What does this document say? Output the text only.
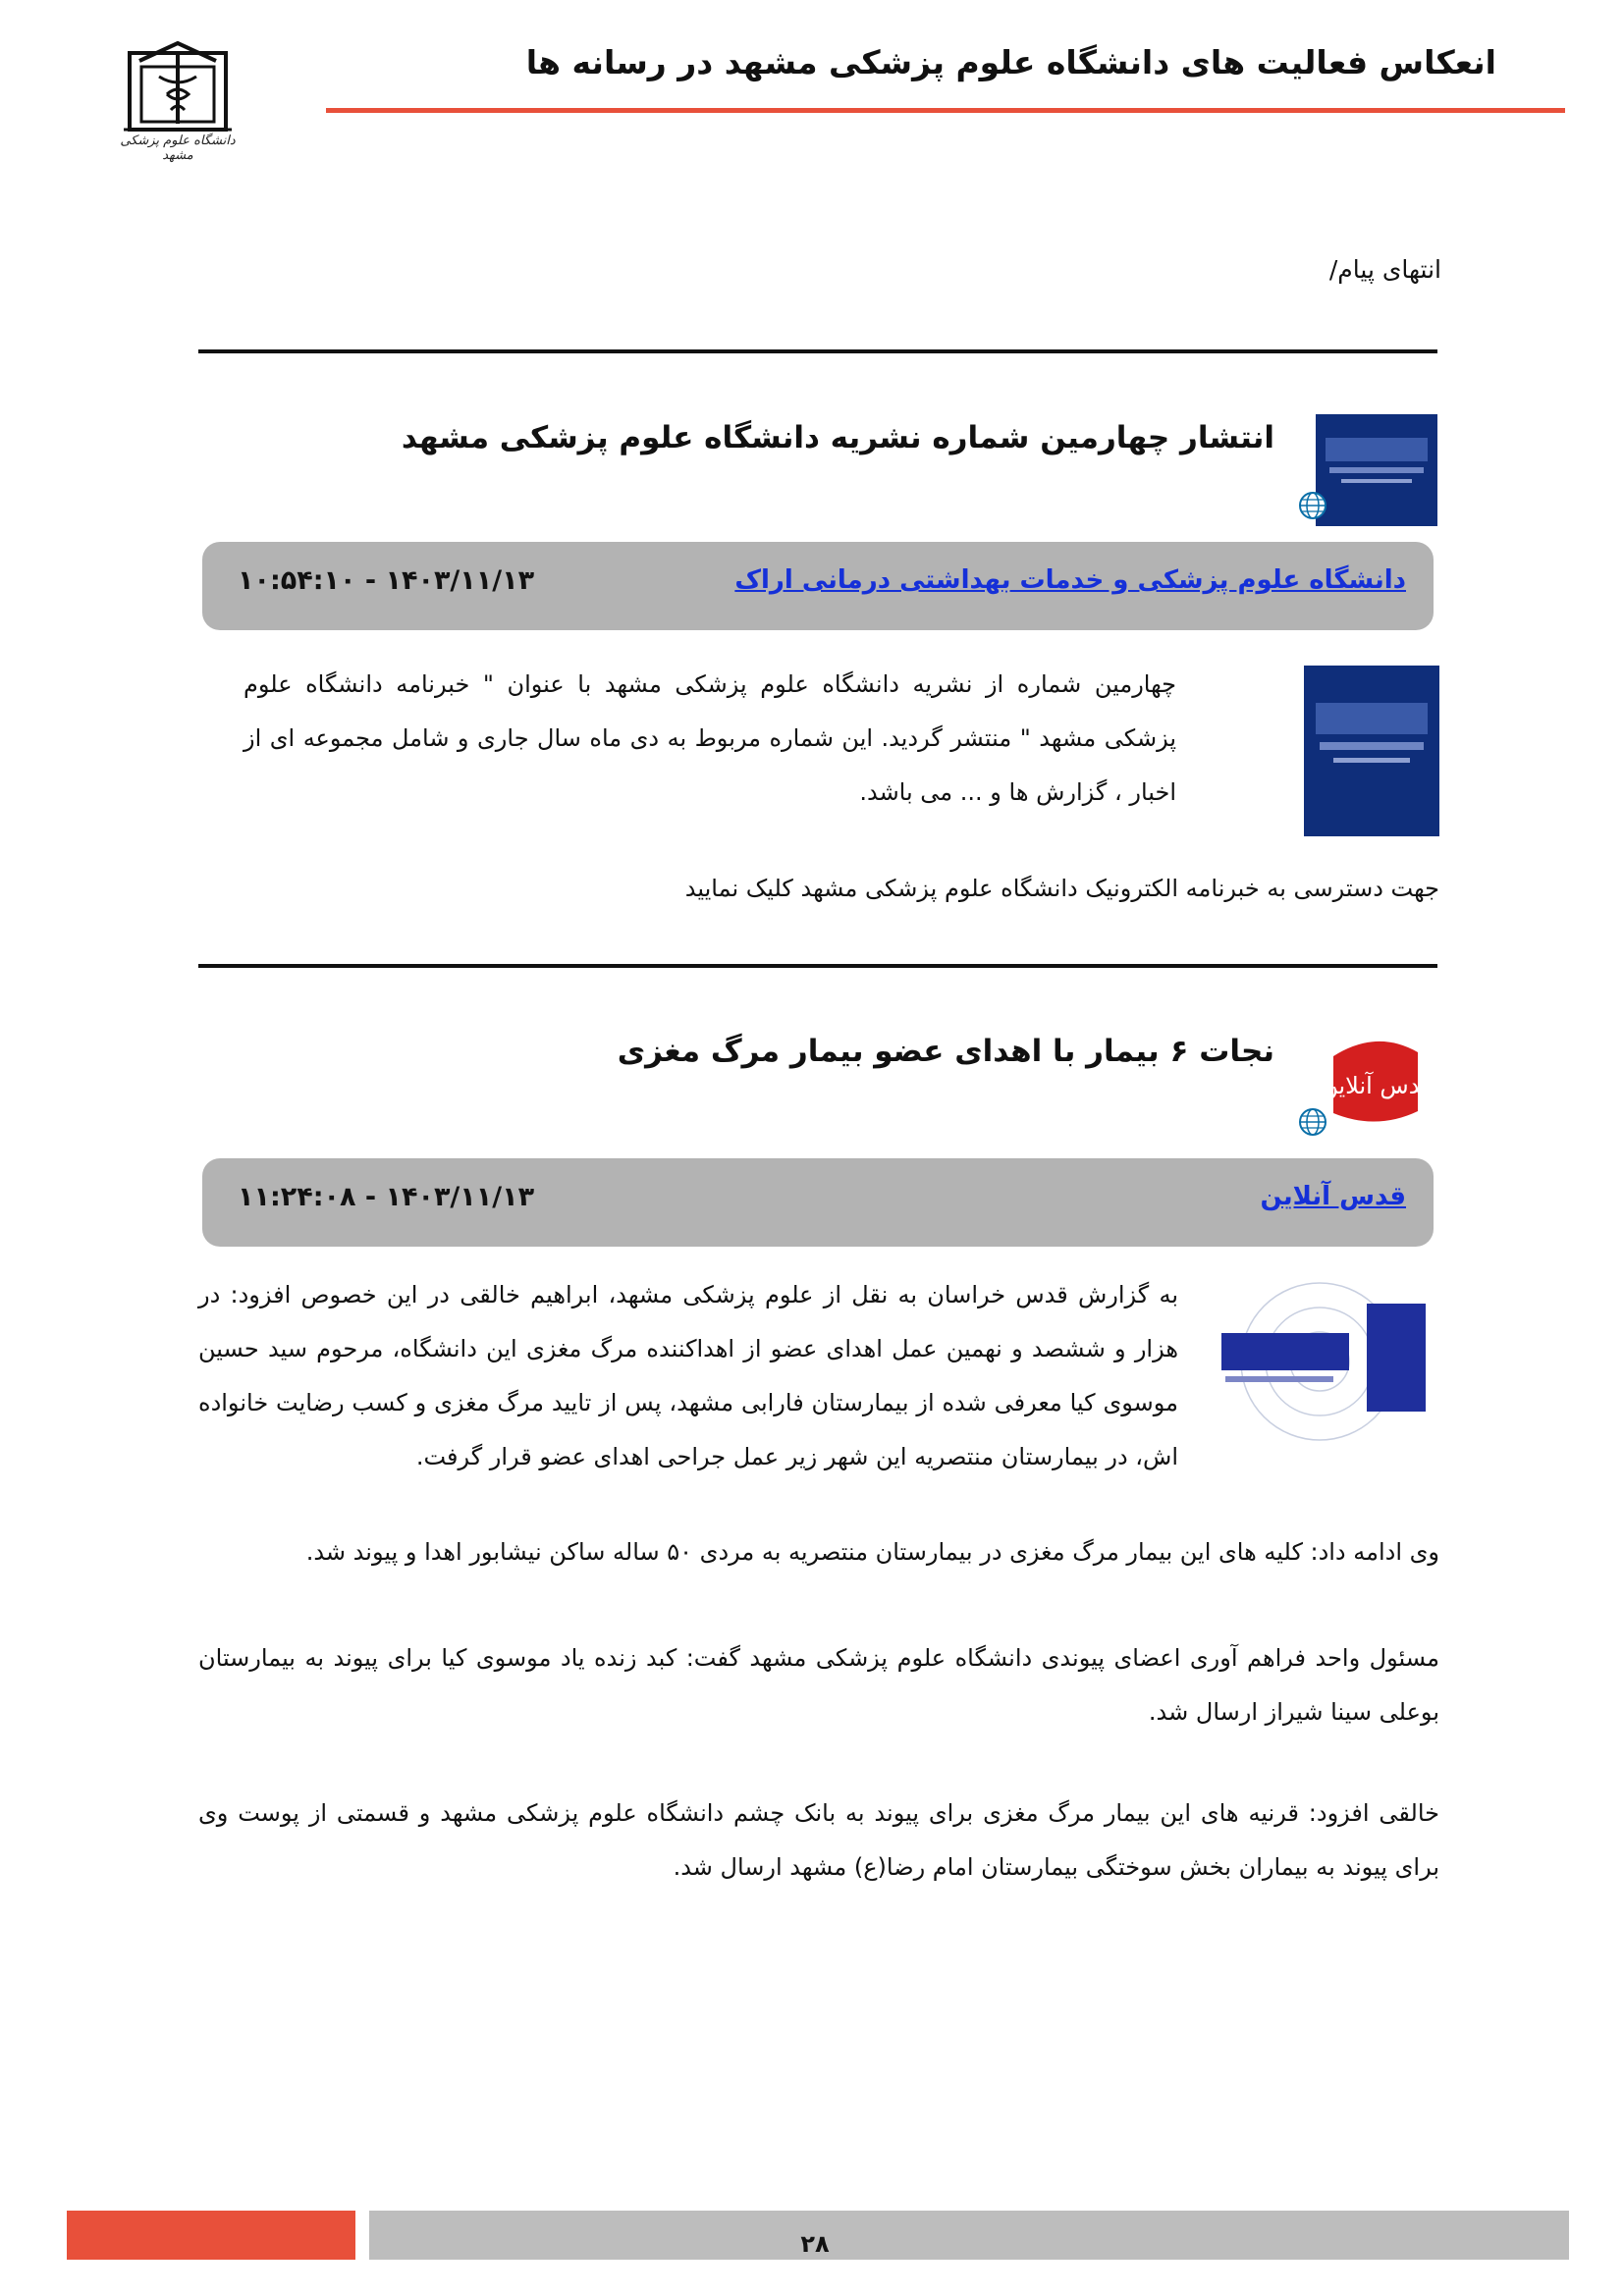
انعکاس فعالیت های دانشگاه علوم پزشکی مشهد در رسانه ها
دانشگاه علوم پزشکی مشهد
انتهای پیام/
انتشار چهارمین شماره نشریه دانشگاه علوم پزشکی مشهد
دانشگاه علوم پزشکی و خدمات بهداشتی درمانی اراک
۱۴۰۳/۱۱/۱۳ - ۱۰:۵۴:۱۰
چهارمین شماره از نشریه دانشگاه علوم پزشکی مشهد با عنوان " خبرنامه دانشگاه علوم پزشکی مشهد " منتشر گردید. این شماره مربوط به دی ماه سال جاری و شامل مجموعه ای از اخبار ، گزارش ها و ... می باشد.
جهت دسترسی به خبرنامه الکترونیک دانشگاه علوم پزشکی مشهد کلیک نمایید
نجات ۶ بیمار با اهدای عضو بیمار مرگ مغزی
قدس آنلاین
قدس آنلاین
۱۴۰۳/۱۱/۱۳ - ۱۱:۲۴:۰۸
به گزارش قدس خراسان به نقل از علوم پزشکی مشهد، ابراهیم خالقی در این خصوص افزود: در هزار و ششصد و نهمین عمل اهدای عضو از اهداکننده مرگ مغزی این دانشگاه، مرحوم سید حسین موسوی کیا معرفی شده از بیمارستان فارابی مشهد، پس از تایید مرگ مغزی و کسب رضایت خانواده اش، در بیمارستان منتصریه این شهر زیر عمل جراحی اهدای عضو قرار گرفت.
وی ادامه داد: کلیه های این بیمار مرگ مغزی در بیمارستان منتصریه به مردی ۵۰ ساله ساکن نیشابور اهدا و پیوند شد.
مسئول واحد فراهم آوری اعضای پیوندی دانشگاه علوم پزشکی مشهد گفت: کبد زنده یاد موسوی کیا برای پیوند به بیمارستان بوعلی سینا شیراز ارسال شد.
خالقی افزود: قرنیه های این بیمار مرگ مغزی برای پیوند به بانک چشم دانشگاه علوم پزشکی مشهد و قسمتی از پوست وی برای پیوند به بیماران بخش سوختگی بیمارستان امام رضا(ع) مشهد ارسال شد.
۲۸
